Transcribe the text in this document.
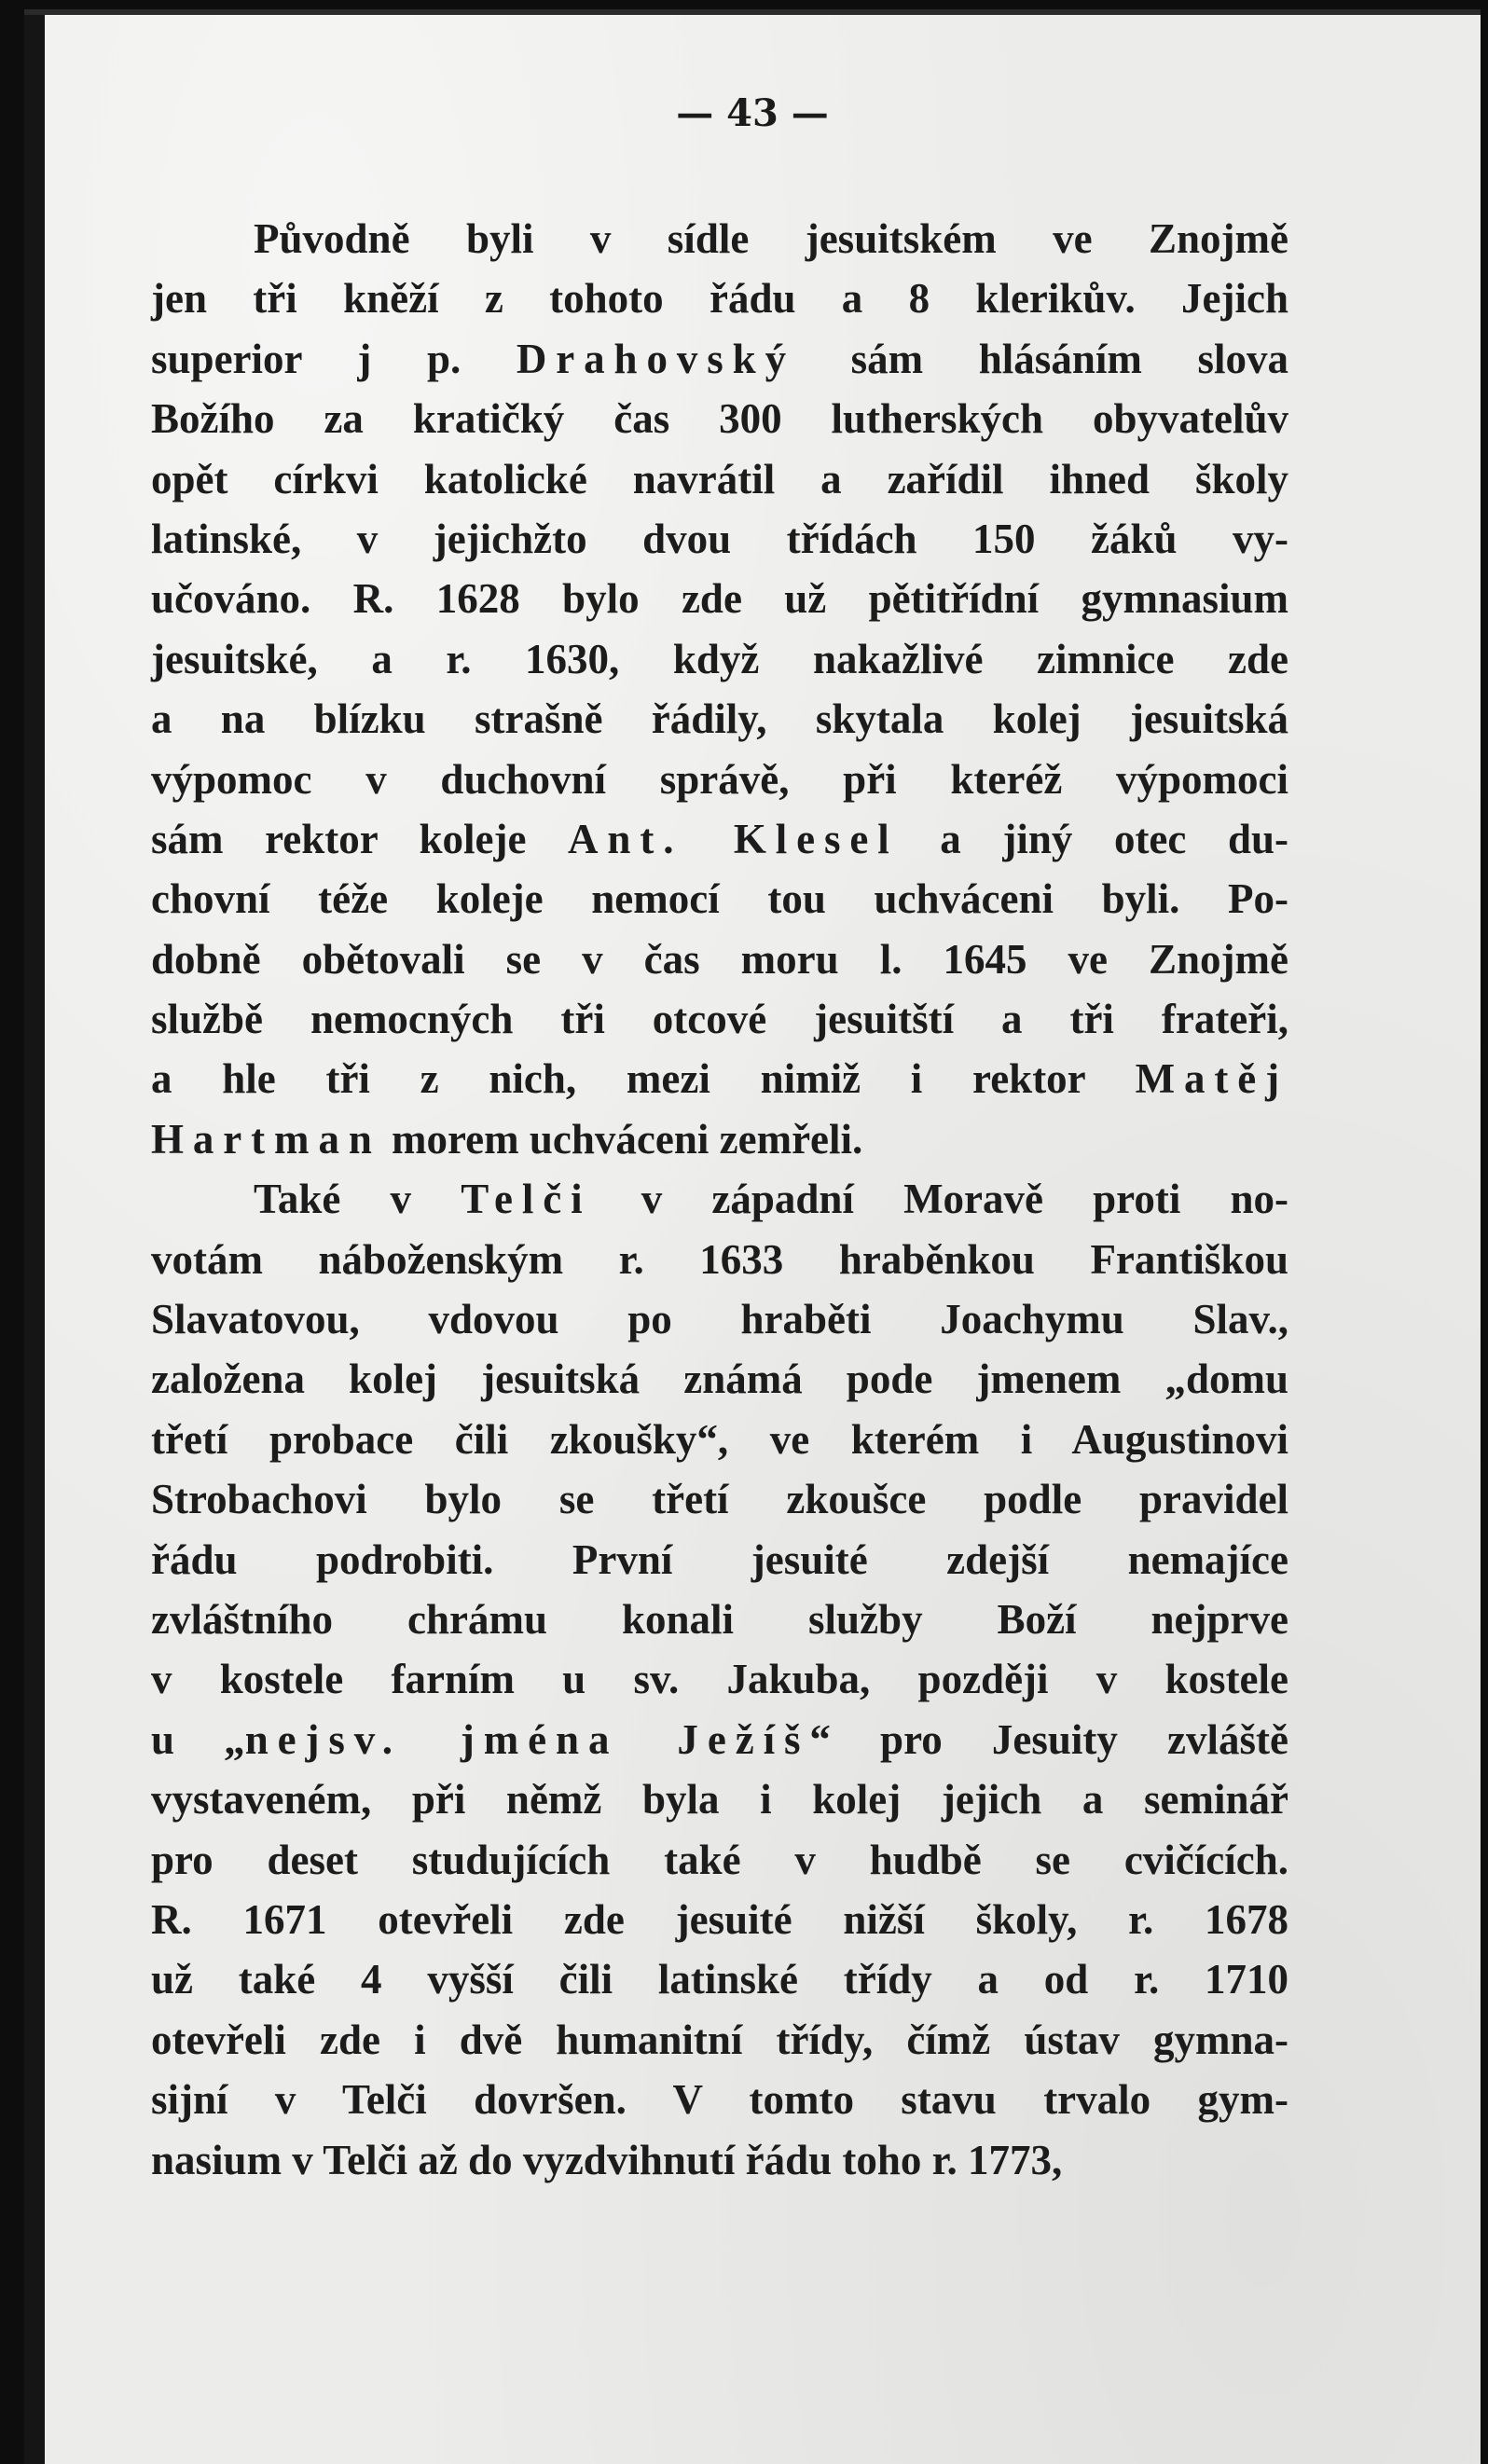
— 43 —

Původně byli v sídle jesuitském ve Znojmě
jen tři kněží z tohoto řádu a 8 klerikův. Jejich
superior j p. Drahovský sám hlásáním slova
Božího za kratičký čas 300 lutherských obyvatelův
opět církvi katolické navrátil a zařídil ihned školy
latinské, v jejichžto dvou třídách 150 žáků vy-
učováno. R. 1628 bylo zde už pětitřídní gymnasium
jesuitské, a r. 1630, když nakažlivé zimnice zde
a na blízku strašně řádily, skytala kolej jesuitská
výpomoc v duchovní správě, při kteréž výpomoci
sám rektor koleje Ant. Klesel a jiný otec du-
chovní téže koleje nemocí tou uchváceni byli. Po-
dobně obětovali se v čas moru l. 1645 ve Znojmě
službě nemocných tři otcové jesuitští a tři frateři,
a hle tři z nich, mezi nimiž i rektor Matěj
Hartman morem uchváceni zemřeli.
Také v Telči v západní Moravě proti no-
votám náboženským r. 1633 hraběnkou Františkou
Slavatovou, vdovou po hraběti Joachymu Slav.,
založena kolej jesuitská známá pode jmenem „domu
třetí probace čili zkoušky“, ve kterém i Augustinovi
Strobachovi bylo se třetí zkoušce podle pravidel
řádu podrobiti. První jesuité zdejší nemajíce
zvláštního chrámu konali služby Boží nejprve
v kostele farním u sv. Jakuba, později v kostele
u „nejsv. jména Ježíš“ pro Jesuity zvláště
vystaveném, při němž byla i kolej jejich a seminář
pro deset studujících také v hudbě se cvičících.
R. 1671 otevřeli zde jesuité nižší školy, r. 1678
už také 4 vyšší čili latinské třídy a od r. 1710
otevřeli zde i dvě humanitní třídy, čímž ústav gymna-
sijní v Telči dovršen. V tomto stavu trvalo gym-
nasium v Telči až do vyzdvihnutí řádu toho r. 1773,
